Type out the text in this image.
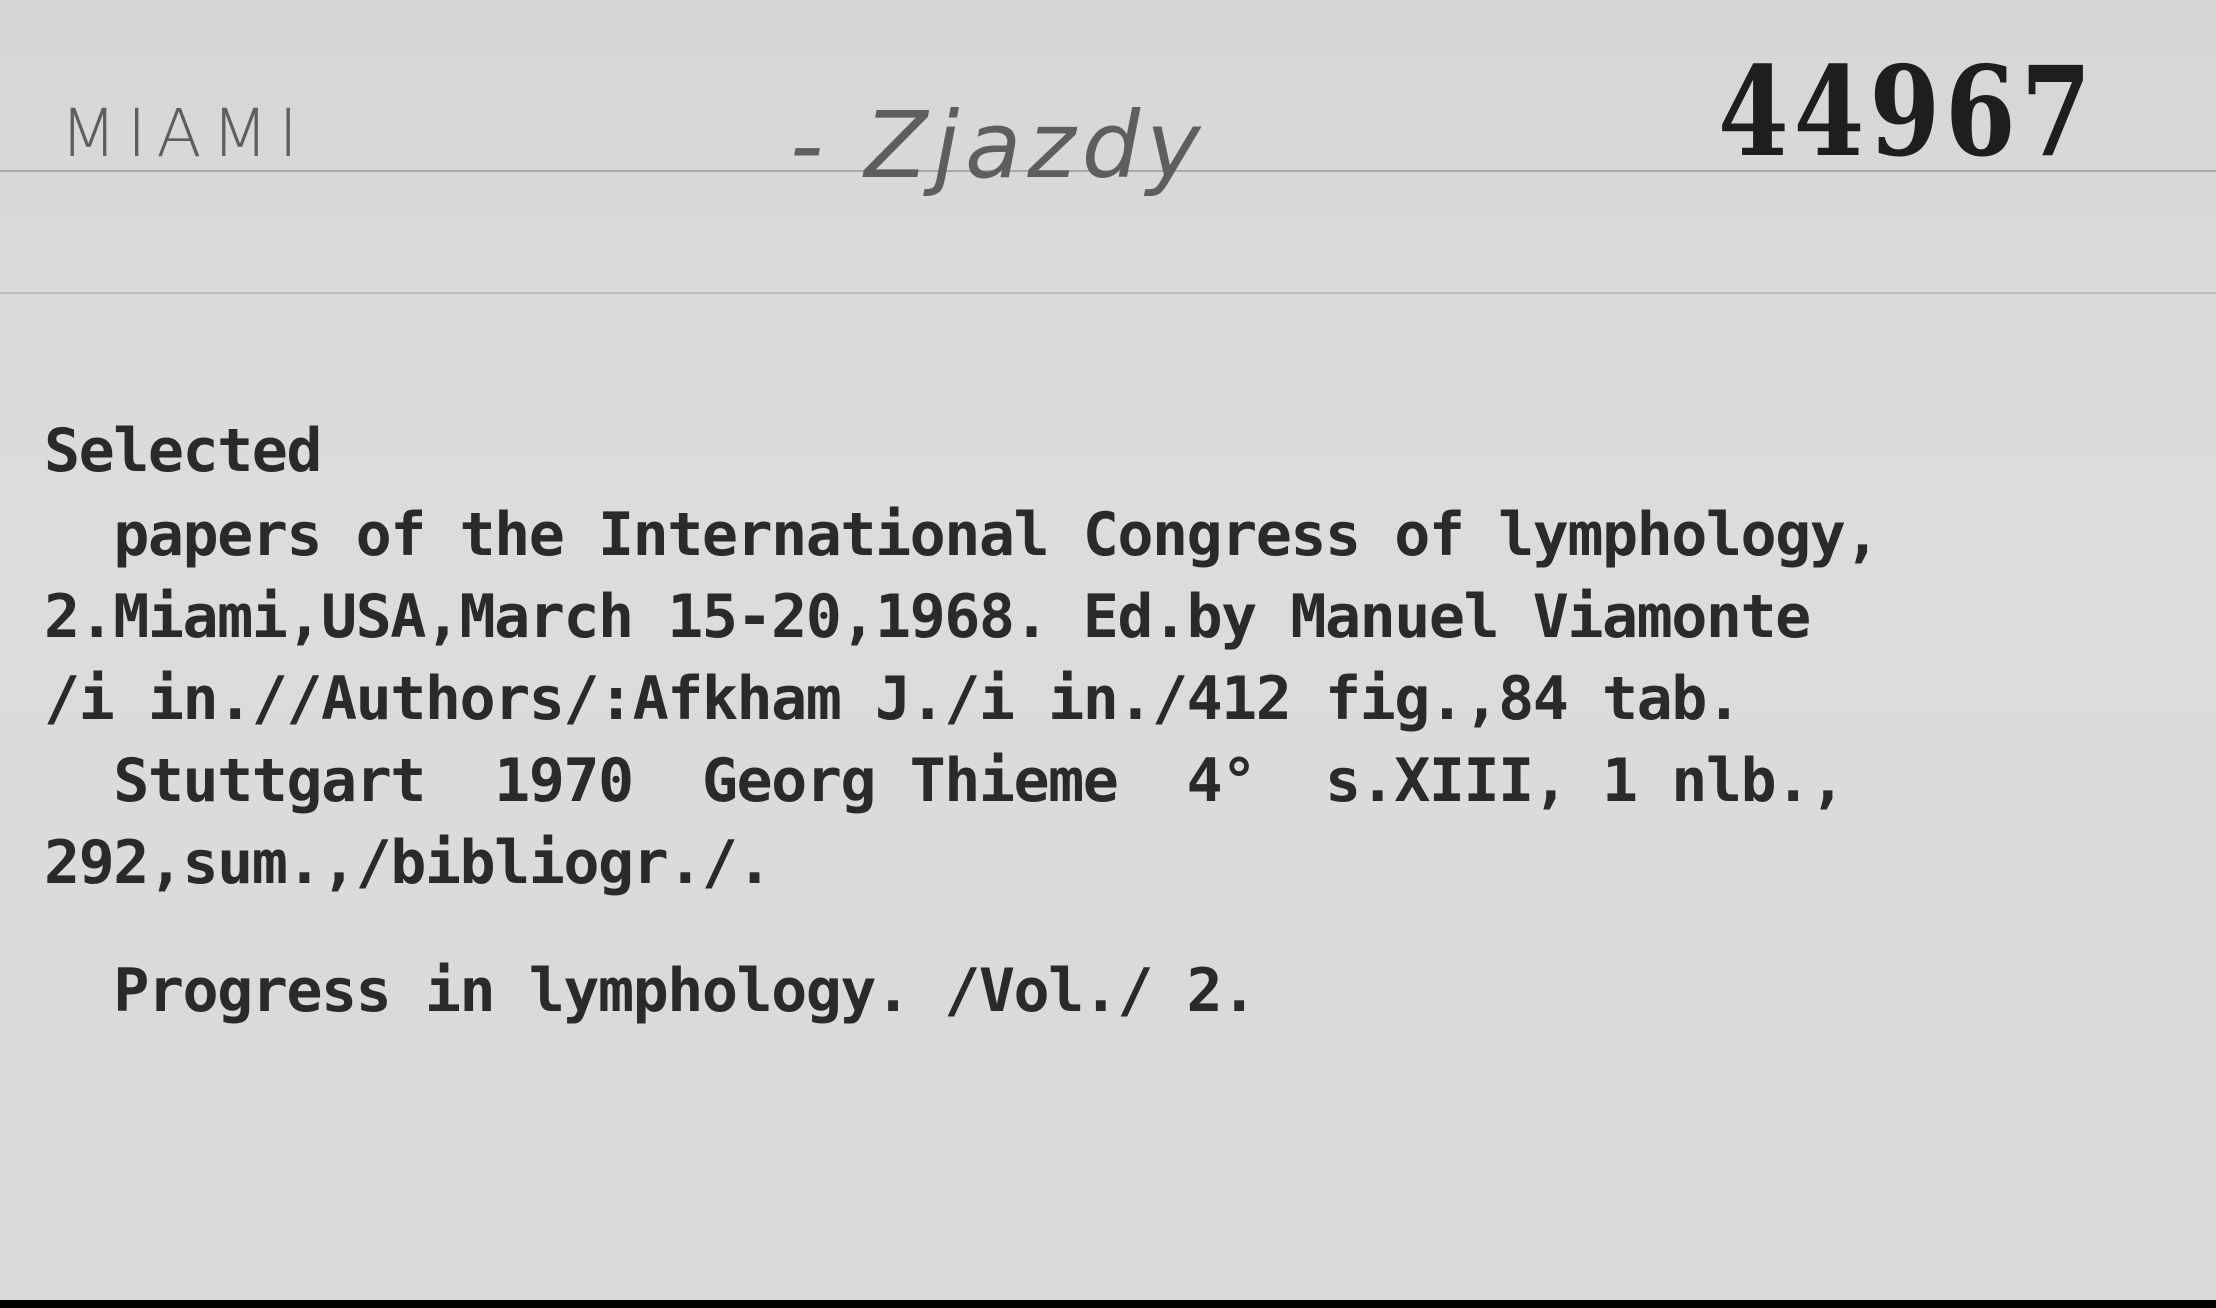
MIAMI	- Zjazdy	44967
Selected
papers of the International Congress of lymphology,
2.Miami,USA,March 15-20,1968. Ed.by Manuel Viamonte
/i in.//Authors/:Afkham J./i in./412 fig.,84 tab.
Stuttgart  1970  Georg Thieme  4°  s.XIII, 1 nlb.,
292,sum.,/bibliogr./.
Progress in lymphology. /Vol./ 2.
